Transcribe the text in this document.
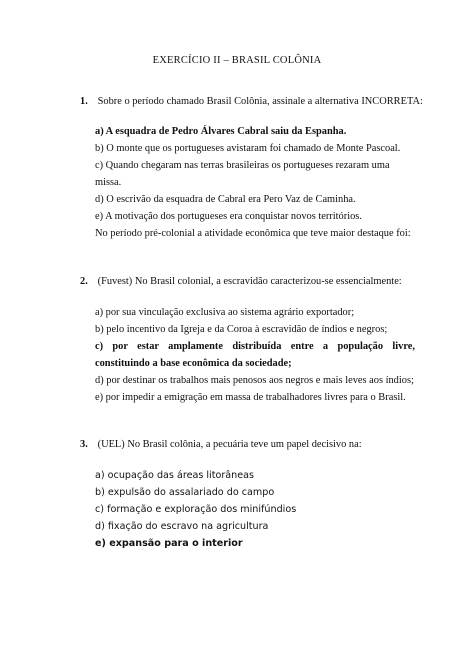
EXERCÍCIO II – BRASIL COLÔNIA
1. Sobre o período chamado Brasil Colônia, assinale a alternativa INCORRETA:
a) A esquadra de Pedro Álvares Cabral saiu da Espanha.
b) O monte que os portugueses avistaram foi chamado de Monte Pascoal.
c) Quando chegaram nas terras brasileiras os portugueses rezaram uma
missa.
d) O escrivão da esquadra de Cabral era Pero Vaz de Caminha.
e) A motivação dos portugueses era conquistar novos territórios.
No período pré-colonial a atividade econômica que teve maior destaque foi:
2. (Fuvest) No Brasil colonial, a escravidão caracterizou-se essencialmente:
a) por sua vinculação exclusiva ao sistema agrário exportador;
b) pelo incentivo da Igreja e da Coroa à escravidão de índios e negros;
c) por estar amplamente distribuída entre a população livre,
constituindo a base econômica da sociedade;
d) por destinar os trabalhos mais penosos aos negros e mais leves aos índios;
e) por impedir a emigração em massa de trabalhadores livres para o Brasil.
3. (UEL) No Brasil colônia, a pecuária teve um papel decisivo na:
a) ocupação das áreas litorâneas
b) expulsão do assalariado do campo
c) formação e exploração dos minifúndios
d) fixação do escravo na agricultura
e) expansão para o interior
